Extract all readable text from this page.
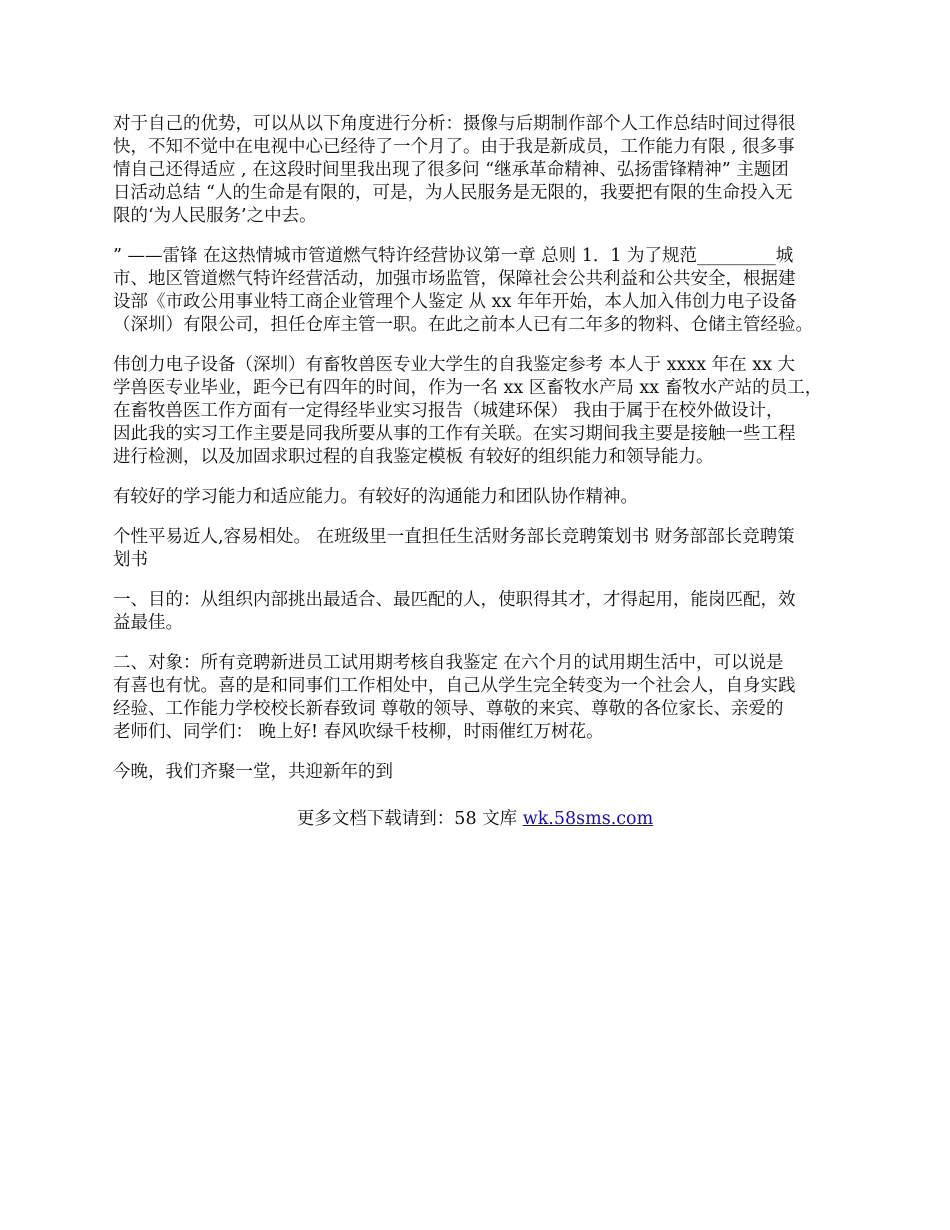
对于自己的优势，可以从以下角度进行分析：摄像与后期制作部个人工作总结时间过得很
快，不知不觉中在电视中心已经待了一个月了。由于我是新成员，工作能力有限 , 很多事
情自己还得适应 , 在这段时间里我出现了很多问 “继承革命精神、弘扬雷锋精神” 主题团
日活动总结 “人的生命是有限的，可是，为人民服务是无限的，我要把有限的生命投入无
限的‘为人民服务’之中去。

” ——雷锋 在这热情城市管道燃气特许经营协议第一章 总则 1．1 为了规范_________城
市、地区管道燃气特许经营活动，加强市场监管，保障社会公共利益和公共安全，根据建
设部《市政公用事业特工商企业管理个人鉴定 从 xx 年年开始，本人加入伟创力电子设备
（深圳）有限公司，担任仓库主管一职。在此之前本人已有二年多的物料、仓储主管经验。

伟创力电子设备（深圳）有畜牧兽医专业大学生的自我鉴定参考 本人于 xxxx 年在 xx 大
学兽医专业毕业，距今已有四年的时间，作为一名 xx 区畜牧水产局 xx 畜牧水产站的员工，
在畜牧兽医工作方面有一定得经毕业实习报告（城建环保） 我由于属于在校外做设计，
因此我的实习工作主要是同我所要从事的工作有关联。在实习期间我主要是接触一些工程
进行检测，以及加固求职过程的自我鉴定模板 有较好的组织能力和领导能力。

有较好的学习能力和适应能力。有较好的沟通能力和团队协作精神。

个性平易近人,容易相处。 在班级里一直担任生活财务部长竞聘策划书 财务部部长竞聘策
划书

一、目的：从组织内部挑出最适合、最匹配的人，使职得其才，才得起用，能岗匹配，效
益最佳。

二、对象：所有竞聘新进员工试用期考核自我鉴定 在六个月的试用期生活中，可以说是
有喜也有忧。喜的是和同事们工作相处中，自己从学生完全转变为一个社会人，自身实践
经验、工作能力学校校长新春致词 尊敬的领导、尊敬的来宾、尊敬的各位家长、亲爱的
老师们、同学们： 晚上好! 春风吹绿千枝柳，时雨催红万树花。

今晚，我们齐聚一堂，共迎新年的到

更多文档下载请到：58 文库 wk.58sms.com
